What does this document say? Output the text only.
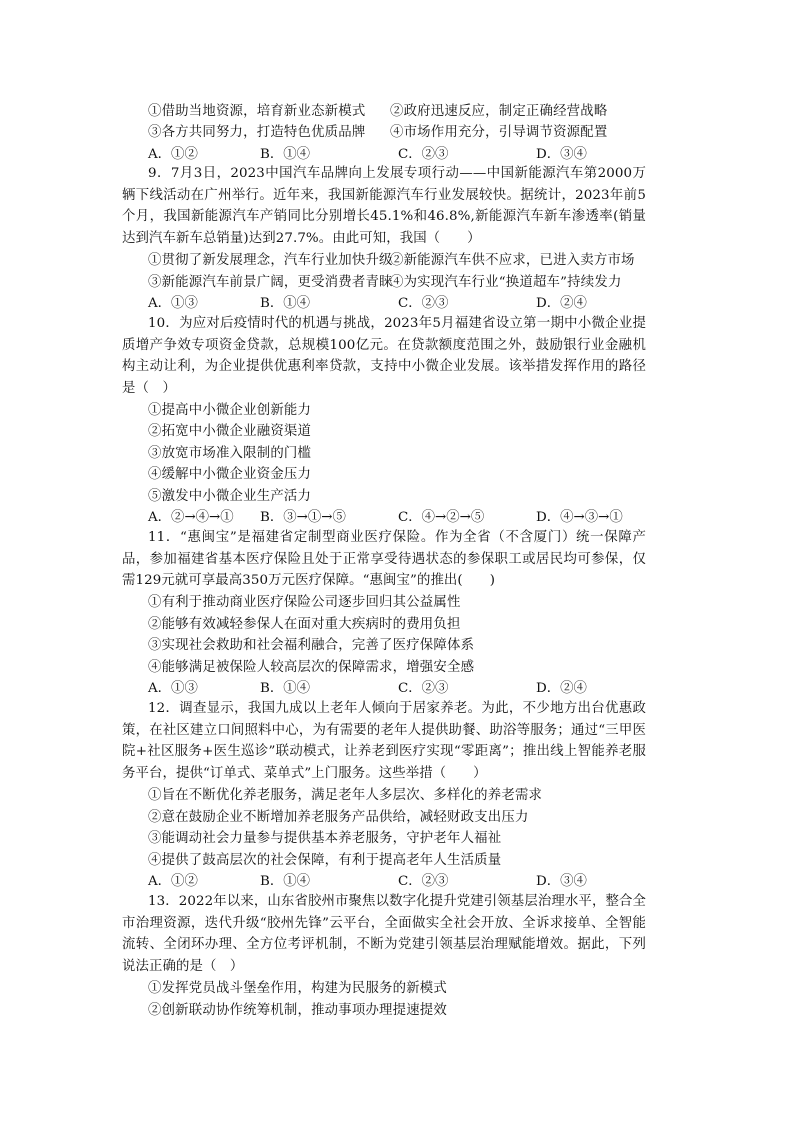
①借助当地资源，培育新业态新模式 ②政府迅速反应，制定正确经营战略
③各方共同努力，打造特色优质品牌 ④市场作用充分，引导调节资源配置
A．①②	B．①④	C．②③	D．③④
9．7月3日，2023中国汽车品牌向上发展专项行动——中国新能源汽车第2000万辆下线活动在广州举行。近年来，我国新能源汽车行业发展较快。据统计，2023年前5个月，我国新能源汽车产销同比分别增长45.1%和46.8%,新能源汽车新车渗透率(销量达到汽车新车总销量)达到27.7%。由此可知，我国（　　）
①贯彻了新发展理念，汽车行业加快升级
②新能源汽车供不应求，已进入卖方市场
③新能源汽车前景广阔，更受消费者青睐
④为实现汽车行业“换道超车”持续发力
A．①③	B．①④	C．②③	D．②④
10．为应对后疫情时代的机遇与挑战，2023年5月福建省设立第一期中小微企业提质增产争效专项资金贷款，总规模100亿元。在贷款额度范围之外，鼓励银行业金融机构主动让利，为企业提供优惠利率贷款，支持中小微企业发展。该举措发挥作用的路径是（　）
①提高中小微企业创新能力
②拓宽中小微企业融资渠道
③放宽市场准入限制的门槛
④缓解中小微企业资金压力
⑤激发中小微企业生产活力
A．②→④→① B．③→①→⑤	C．④→②→⑤	D．④→③→①
11．“惠闽宝”是福建省定制型商业医疗保险。作为全省（不含厦门）统一保障产品，参加福建省基本医疗保险且处于正常享受待遇状态的参保职工或居民均可参保，仅需129元就可享最高350万元医疗保障。“惠闽宝”的推出(　　)
①有利于推动商业医疗保险公司逐步回归其公益属性
②能够有效减轻参保人在面对重大疾病时的费用负担
③实现社会救助和社会福利融合，完善了医疗保障体系
④能够满足被保险人较高层次的保障需求，增强安全感
A．①③	B．①④	C．②③	D．②④
12．调查显示，我国九成以上老年人倾向于居家养老。为此，不少地方出台优惠政策，在社区建立口间照料中心，为有需要的老年人提供助餐、助浴等服务；通过“三甲医院+社区服务+医生巡诊”联动模式，让养老到医疗实现“零距离”；推出线上智能养老服务平台，提供“订单式、菜单式”上门服务。这些举措（　　）
①旨在不断优化养老服务，满足老年人多层次、多样化的养老需求
②意在鼓励企业不断增加养老服务产品供给，减轻财政支出压力
③能调动社会力量参与提供基本养老服务，守护老年人福祉
④提供了鼓高层次的社会保障，有利于提高老年人生活质量
A．①②	B．①④	C．②③	D．③④
13．2022年以来，山东省胶州市聚焦以数字化提升党建引领基层治理水平，整合全市治理资源，迭代升级“胶州先锋”云平台，全面做实全社会开放、全诉求接单、全智能流转、全闭环办理、全方位考评机制，不断为党建引领基层治理赋能增效。据此，下列说法正确的是（　）
①发挥党员战斗堡垒作用，构建为民服务的新模式
②创新联动协作统筹机制，推动事项办理提速提效
